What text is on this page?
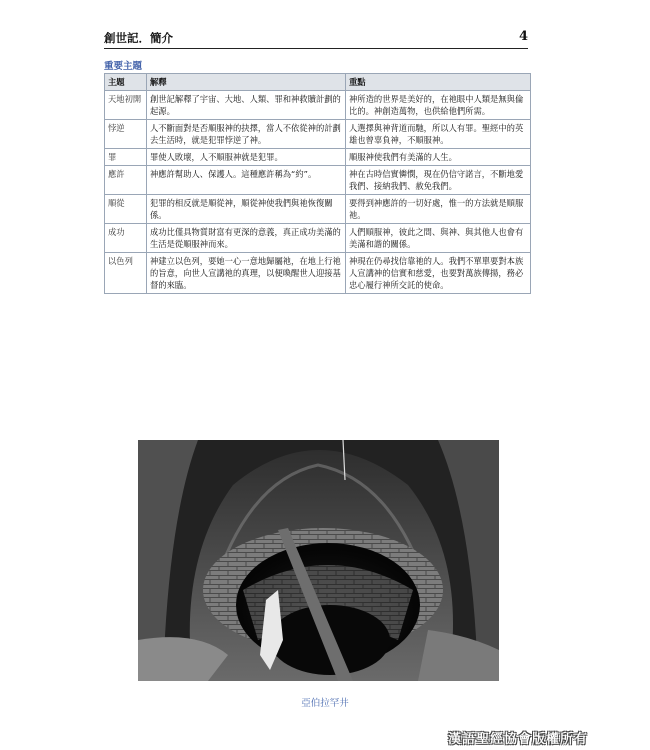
創世記．簡介	4
重要主題
主題	解釋	重點
天地初開	創世記解釋了宇宙、大地、人類、罪和神救贖計劃的起源。	神所造的世界是美好的，在祂眼中人類是無與倫比的。神創造萬物，也供給他們所需。
悖逆	人不斷面對是否順服神的抉擇，當人不依從神的計劃去生活時，就是犯罪悖逆了神。	人選擇與神背道而馳，所以人有罪。聖經中的英雄也曾辜負神，不順服神。
罪	罪使人敗壞，人不順服神就是犯罪。	順服神使我們有美滿的人生。
應許	神應許幫助人、保護人。這種應許稱為“約”。	神在古時信實憐憫，現在仍信守諾言，不斷地愛我們、接納我們、赦免我們。
順從	犯罪的相反就是順從神，順從神使我們與祂恢復關係。	要得到神應許的一切好處，惟一的方法就是順服祂。
成功	成功比僅具物質財富有更深的意義，真正成功美滿的生活是從順服神而來。	人們順服神，彼此之間、與神、與其他人也會有美滿和諧的關係。
以色列	神建立以色列，要她一心一意地歸屬祂，在地上行祂的旨意，向世人宣講祂的真理，以便喚醒世人迎接基督的來臨。	神現在仍尋找信靠祂的人。我們不單單要對本族人宣講神的信實和慈愛，也要對萬族傳揚，務必忠心履行神所交託的使命。
亞伯拉罕井
漢語聖經協會版權所有
